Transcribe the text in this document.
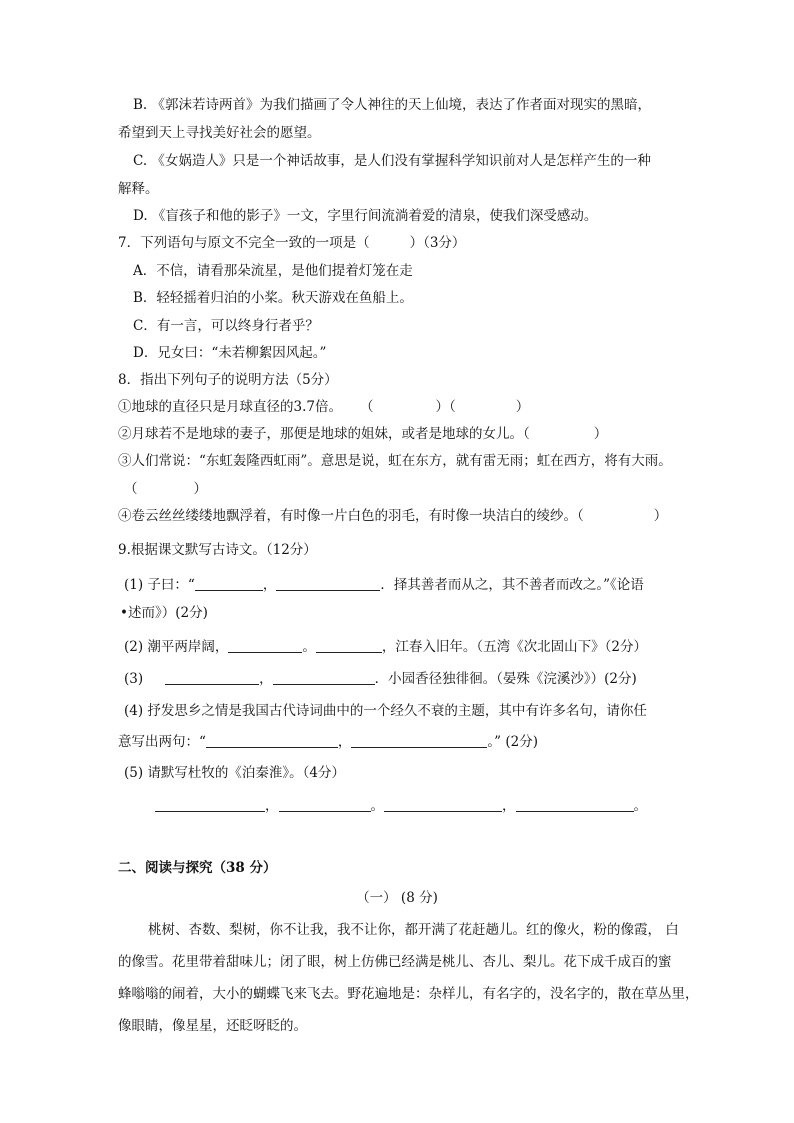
B. 《郭沫若诗两首》为我们描画了令人神往的天上仙境，表达了作者面对现实的黑暗，
希望到天上寻找美好社会的愿望。
C. 《女娲造人》只是一个神话故事，是人们没有掌握科学知识前对人是怎样产生的一种
解释。
D. 《盲孩子和他的影子》一文，字里行间流淌着爱的清泉，使我们深受感动。
7．下列语句与原文不完全一致的一项是（	）（3分）
A．不信，请看那朵流星，是他们提着灯笼在走
B．轻轻摇着归泊的小桨。秋天游戏在鱼船上。
C．有一言，可以终身行者乎？
D．兄女曰：“未若柳絮因风起。”
8．指出下列句子的说明方法（5分）
①地球的直径只是月球直径的3.7倍。 （	）（	）
②月球若不是地球的妻子，那便是地球的姐妹，或者是地球的女儿。（	）
③人们常说：“东虹轰隆西虹雨”。意思是说，虹在东方，就有雷无雨；虹在西方，将有大雨。
（	）
④卷云丝丝缕缕地飘浮着，有时像一片白色的羽毛，有时像一块洁白的绫纱。（	）
9.根据课文默写古诗文。（12分）
(1) 子曰：“	，	．择其善者而从之，其不善者而改之。”《论语
•述而》）(2分)
(2) 潮平两岸阔，	。	，江春入旧年。（五湾《次北固山下》（2分）
(3)	，	．小园香径独徘徊。（晏殊《浣溪沙》）(2分)
(4) 抒发思乡之情是我国古代诗词曲中的一个经久不衰的主题，其中有许多名句，请你任
意写出两句：“	，	。” (2分)
(5) 请默写杜牧的《泊秦淮》。（4分）
，	。	，	。
二、阅读与探究（38 分）
（一） (8 分)
桃树、杏数、梨树，你不让我，我不让你，都开满了花赶趟儿。红的像火，粉的像霞， 白
的像雪。花里带着甜味儿；闭了眼，树上仿佛已经满是桃儿、杏儿、梨儿。花下成千成百的蜜
蜂嗡嗡的闹着，大小的蝴蝶飞来飞去。野花遍地是：杂样儿，有名字的，没名字的，散在草丛里，
像眼睛，像星星，还眨呀眨的。
